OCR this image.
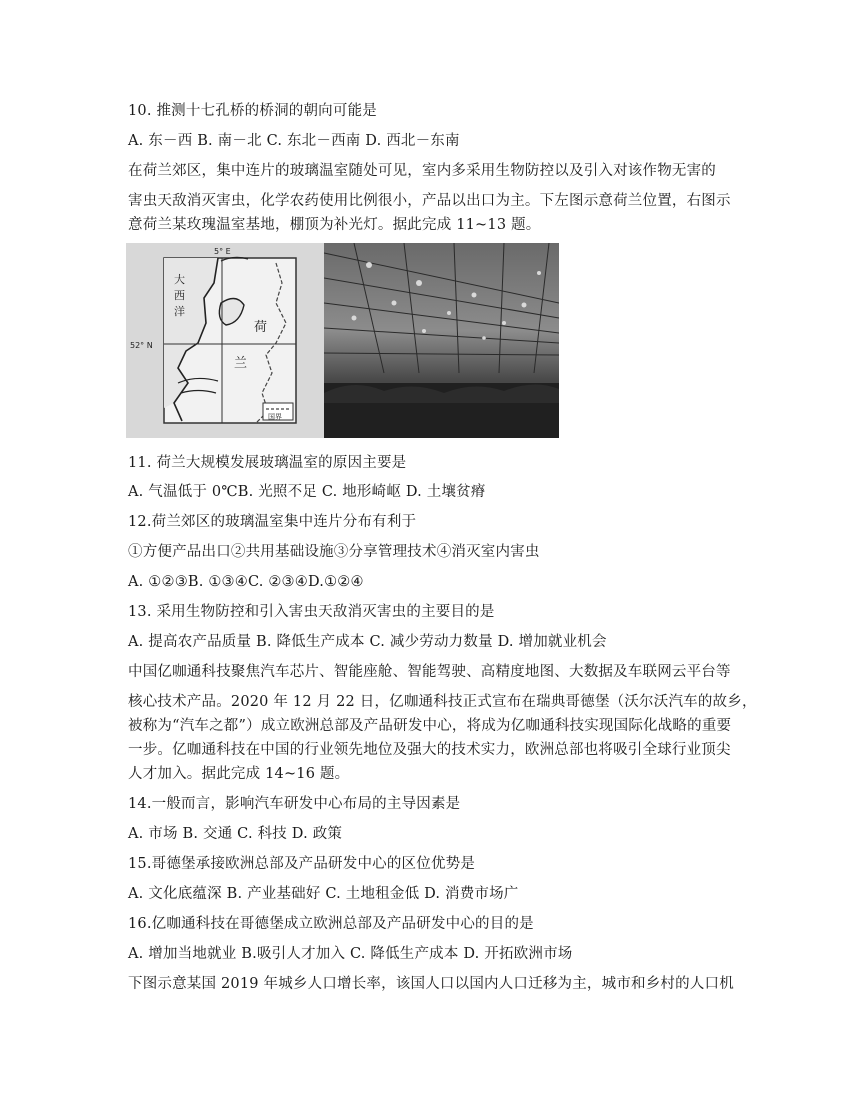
10. 推测十七孔桥的桥洞的朝向可能是
A. 东－西 B. 南－北 C. 东北－西南 D. 西北－东南
在荷兰郊区，集中连片的玻璃温室随处可见，室内多采用生物防控以及引入对该作物无害的
害虫天敌消灭害虫，化学农药使用比例很小，产品以出口为主。下左图示意荷兰位置，右图示
意荷兰某玫瑰温室基地，棚顶为补光灯。据此完成 11~13 题。
国界
5° E
52° N
大
西
洋
荷
兰
11. 荷兰大规模发展玻璃温室的原因主要是
A. 气温低于 0℃B. 光照不足 C. 地形崎岖 D. 土壤贫瘠
12.荷兰郊区的玻璃温室集中连片分布有利于
①方便产品出口②共用基础设施③分享管理技术④消灭室内害虫
A. ①②③B. ①③④C. ②③④D.①②④
13. 采用生物防控和引入害虫天敌消灭害虫的主要目的是
A. 提高农产品质量 B. 降低生产成本 C. 减少劳动力数量 D. 增加就业机会
中国亿咖通科技聚焦汽车芯片、智能座舱、智能驾驶、高精度地图、大数据及车联网云平台等
核心技术产品。2020 年 12 月 22 日，亿咖通科技正式宣布在瑞典哥德堡（沃尔沃汽车的故乡，
被称为“汽车之都”）成立欧洲总部及产品研发中心，将成为亿咖通科技实现国际化战略的重要
一步。亿咖通科技在中国的行业领先地位及强大的技术实力，欧洲总部也将吸引全球行业顶尖
人才加入。据此完成 14~16 题。
14.一般而言，影响汽车研发中心布局的主导因素是
A. 市场 B. 交通 C. 科技 D. 政策
15.哥德堡承接欧洲总部及产品研发中心的区位优势是
A. 文化底蕴深 B. 产业基础好 C. 土地租金低 D. 消费市场广
16.亿咖通科技在哥德堡成立欧洲总部及产品研发中心的目的是
A. 增加当地就业 B.吸引人才加入 C. 降低生产成本 D. 开拓欧洲市场
下图示意某国 2019 年城乡人口增长率，该国人口以国内人口迁移为主，城市和乡村的人口机
